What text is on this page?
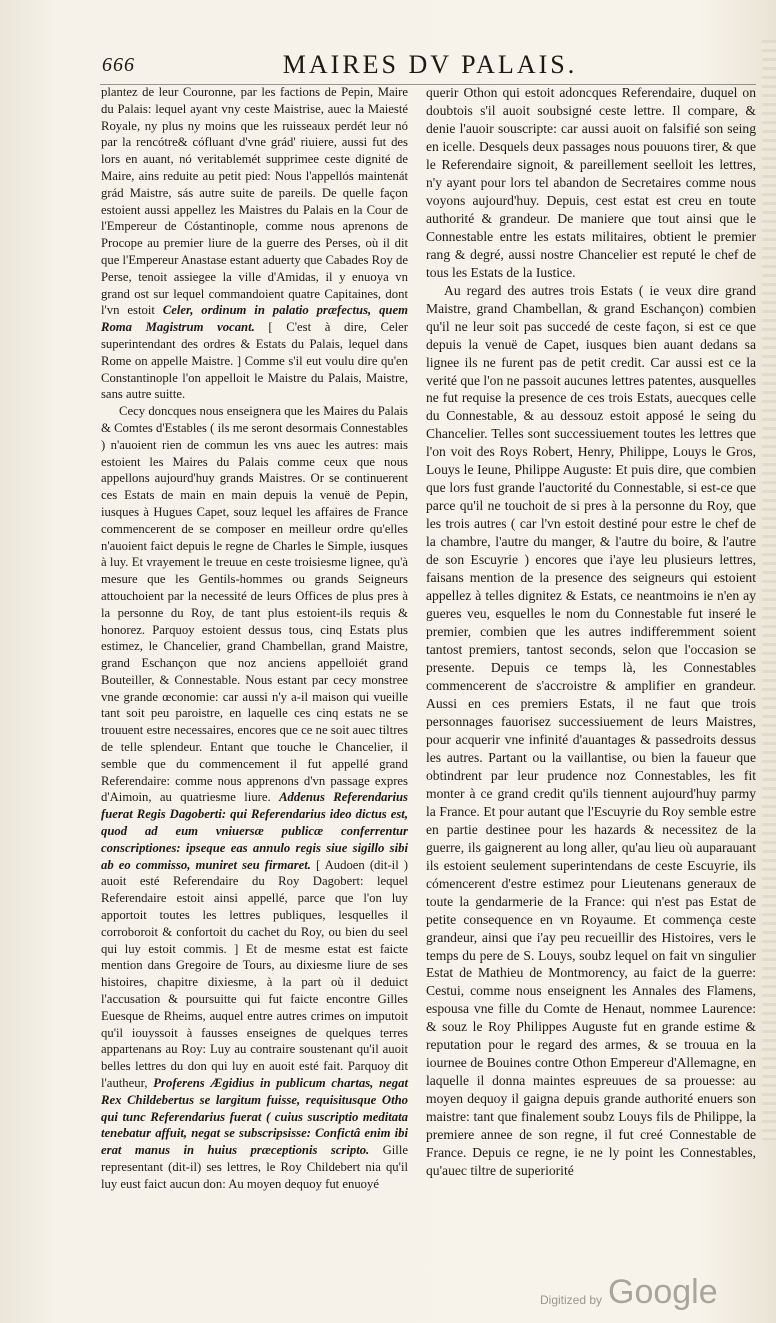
666	MAIRES DV PALAIS.

plantez de leur Couronne, par les factions de Pepin, Maire du Palais: lequel ayant vny ceste Maistrise, auec la Maiesté Royale, ny plus ny moins que les ruisseaux perdét leur nó par la rencótre& cófluant d'vne grád' riuiere, aussi fut des lors en auant, nó veritablemét supprimee ceste dignité de Maire, ains reduite au petit pied: Nous l'appellós maintenát grád Maistre, sás autre suite de pareils. De quelle façon estoient aussi appellez les Maistres du Palais en la Cour de l'Empereur de Cóstantinople, comme nous aprenons de Procope au premier liure de la guerre des Perses, où il dit que l'Empereur Anastase estant aduerty que Cabades Roy de Perse, tenoit assiegee la ville d'Amidas, il y enuoya vn grand ost sur lequel commandoient quatre Capitaines, dont l'vn estoit Celer, ordinum in palatio præfectus, quem Roma Magistrum vocant. [ C'est à dire, Celer superintendant des ordres & Estats du Palais, lequel dans Rome on appelle Maistre. ] Comme s'il eut voulu dire qu'en Constantinople l'on appelloit le Maistre du Palais, Maistre, sans autre suitte.

Cecy doncques nous enseignera que les Maires du Palais & Comtes d'Estables ( ils me seront desormais Connestables ) n'auoient rien de commun les vns auec les autres: mais estoient les Maires du Palais comme ceux que nous appellons aujourd'huy grands Maistres. Or se continuerent ces Estats de main en main depuis la venuë de Pepin, iusques à Hugues Capet, souz lequel les affaires de France commencerent de se composer en meilleur ordre qu'elles n'auoient faict depuis le regne de Charles le Simple, iusques à luy. Et vrayement le treuue en ceste troisiesme lignee, qu'à mesure que les Gentils-hommes ou grands Seigneurs attouchoient par la necessité de leurs Offices de plus pres à la personne du Roy, de tant plus estoient-ils requis & honorez. Parquoy estoient dessus tous, cinq Estats plus estimez, le Chancelier, grand Chambellan, grand Maistre, grand Eschançon que noz anciens appelloiét grand Bouteiller, & Connestable. Nous estant par cecy monstree vne grande œconomie: car aussi n'y a-il maison qui vueille tant soit peu paroistre, en laquelle ces cinq estats ne se trouuent estre necessaires, encores que ce ne soit auec tiltres de telle splendeur. Entant que touche le Chancelier, il semble que du commencement il fut appellé grand Referendaire: comme nous apprenons d'vn passage expres d'Aimoin, au quatriesme liure. Addenus Referendarius fuerat Regis Dagoberti: qui Referendarius ideo dictus est, quod ad eum vniuersæ publicæ conferrentur conscriptiones: ipseque eas annulo regis siue sigillo sibi ab eo commisso, muniret seu firmaret. [ Audoen (dit-il ) auoit esté Referendaire du Roy Dagobert: lequel Referendaire estoit ainsi appellé, parce que l'on luy apportoit toutes les lettres publiques, lesquelles il corroboroit & confortoit du cachet du Roy, ou bien du seel qui luy estoit commis. ] Et de mesme estat est faicte mention dans Gregoire de Tours, au dixiesme liure de ses histoires, chapitre dixiesme, à la part où il deduict l'accusation & poursuitte qui fut faicte encontre Gilles Euesque de Rheims, auquel entre autres crimes on imputoit qu'il iouyssoit à fausses enseignes de quelques terres appartenans au Roy: Luy au contraire soustenant qu'il auoit belles lettres du don qui luy en auoit esté fait. Parquoy dit l'autheur, Proferens Ægidius in publicum chartas, negat Rex Childebertus se largitum fuisse, requisitusque Otho qui tunc Referendarius fuerat ( cuius suscriptio meditata tenebatur affuit, negat se subscripsisse: Confictâ enim ibi erat manus in huius præceptionis scripto. Gille representant (dit-il) ses lettres, le Roy Childebert nia qu'il luy eust faict aucun don: Au moyen dequoy fut enuoyé

querir Othon qui estoit adoncques Referendaire, duquel on doubtois s'il auoit soubsigné ceste lettre. Il compare, & denie l'auoir souscripte: car aussi auoit on falsifié son seing en icelle. Desquels deux passages nous pouuons tirer, & que le Referendaire signoit, & pareillement seelloit les lettres, n'y ayant pour lors tel abandon de Secretaires comme nous voyons aujourd'huy. Depuis, cest estat est creu en toute authorité & grandeur. De maniere que tout ainsi que le Connestable entre les estats militaires, obtient le premier rang & degré, aussi nostre Chancelier est reputé le chef de tous les Estats de la Iustice.

Au regard des autres trois Estats ( ie veux dire grand Maistre, grand Chambellan, & grand Eschançon) combien qu'il ne leur soit pas succedé de ceste façon, si est ce que depuis la venuë de Capet, iusques bien auant dedans sa lignee ils ne furent pas de petit credit. Car aussi est ce la verité que l'on ne passoit aucunes lettres patentes, ausquelles ne fut requise la presence de ces trois Estats, auecques celle du Connestable, & au dessouz estoit apposé le seing du Chancelier. Telles sont successiuement toutes les lettres que l'on voit des Roys Robert, Henry, Philippe, Louys le Gros, Louys le Ieune, Philippe Auguste: Et puis dire, que combien que lors fust grande l'auctorité du Connestable, si est-ce que parce qu'il ne touchoit de si pres à la personne du Roy, que les trois autres ( car l'vn estoit destiné pour estre le chef de la chambre, l'autre du manger, & l'autre du boire, & l'autre de son Escuyrie ) encores que i'aye leu plusieurs lettres, faisans mention de la presence des seigneurs qui estoient appellez à telles dignitez & Estats, ce neantmoins ie n'en ay gueres veu, esquelles le nom du Connestable fut inseré le premier, combien que les autres indifferemment soient tantost premiers, tantost seconds, selon que l'occasion se presente. Depuis ce temps là, les Connestables commencerent de s'accroistre & amplifier en grandeur. Aussi en ces premiers Estats, il ne faut que trois personnages fauorisez successiuement de leurs Maistres, pour acquerir vne infinité d'auantages & passedroits dessus les autres. Partant ou la vaillantise, ou bien la faueur que obtindrent par leur prudence noz Connestables, les fit monter à ce grand credit qu'ils tiennent aujourd'huy parmy la France. Et pour autant que l'Escuyrie du Roy semble estre en partie destinee pour les hazards & necessitez de la guerre, ils gaignerent au long aller, qu'au lieu où auparauant ils estoient seulement superintendans de ceste Escuyrie, ils cómencerent d'estre estimez pour Lieutenans generaux de toute la gendarmerie de la France: qui n'est pas Estat de petite consequence en vn Royaume. Et commença ceste grandeur, ainsi que i'ay peu recueillir des Histoires, vers le temps du pere de S. Louys, soubz lequel on fait vn singulier Estat de Mathieu de Montmorency, au faict de la guerre: Cestui, comme nous enseignent les Annales des Flamens, espousa vne fille du Comte de Henaut, nommee Laurence: & souz le Roy Philippes Auguste fut en grande estime & reputation pour le regard des armes, & se trouua en la iournee de Bouines contre Othon Empereur d'Allemagne, en laquelle il donna maintes espreuues de sa prouesse: au moyen dequoy il gaigna depuis grande authorité enuers son maistre: tant que finalement soubz Louys fils de Philippe, la premiere annee de son regne, il fut creé Connestable de France. Depuis ce regne, ie ne ly point les Connestables, qu'auec tiltre de superiorité

Digitized by Google
